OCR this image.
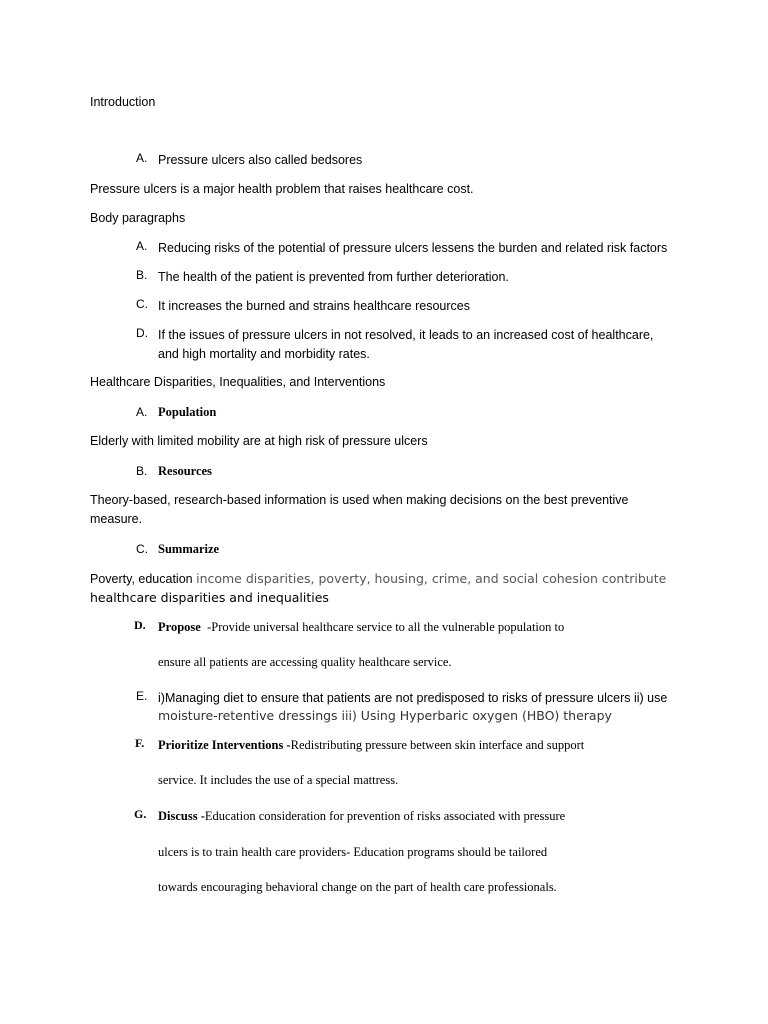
Introduction
A. Pressure ulcers also called bedsores
Pressure ulcers is a major health problem that raises healthcare cost.
Body paragraphs
A. Reducing risks of the potential of pressure ulcers lessens the burden and related risk factors
B. The health of the patient is prevented from further deterioration.
C. It increases the burned and strains healthcare resources
D. If the issues of pressure ulcers in not resolved, it leads to an increased cost of healthcare,
and high mortality and morbidity rates.
Healthcare Disparities, Inequalities, and Interventions
A. Population
Elderly with limited mobility are at high risk of pressure ulcers
B. Resources
Theory-based, research-based information is used when making decisions on the best preventive
measure.
C. Summarize
Poverty, education income disparities, poverty, housing, crime, and social cohesion contribute
healthcare disparities and inequalities
D. Propose  -Provide universal healthcare service to all the vulnerable population to
ensure all patients are accessing quality healthcare service.
E. i)Managing diet to ensure that patients are not predisposed to risks of pressure ulcers ii) use
moisture-retentive dressings iii) Using Hyperbaric oxygen (HBO) therapy
F. Prioritize Interventions -Redistributing pressure between skin interface and support
service. It includes the use of a special mattress.
G. Discuss -Education consideration for prevention of risks associated with pressure
ulcers is to train health care providers- Education programs should be tailored
towards encouraging behavioral change on the part of health care professionals.
